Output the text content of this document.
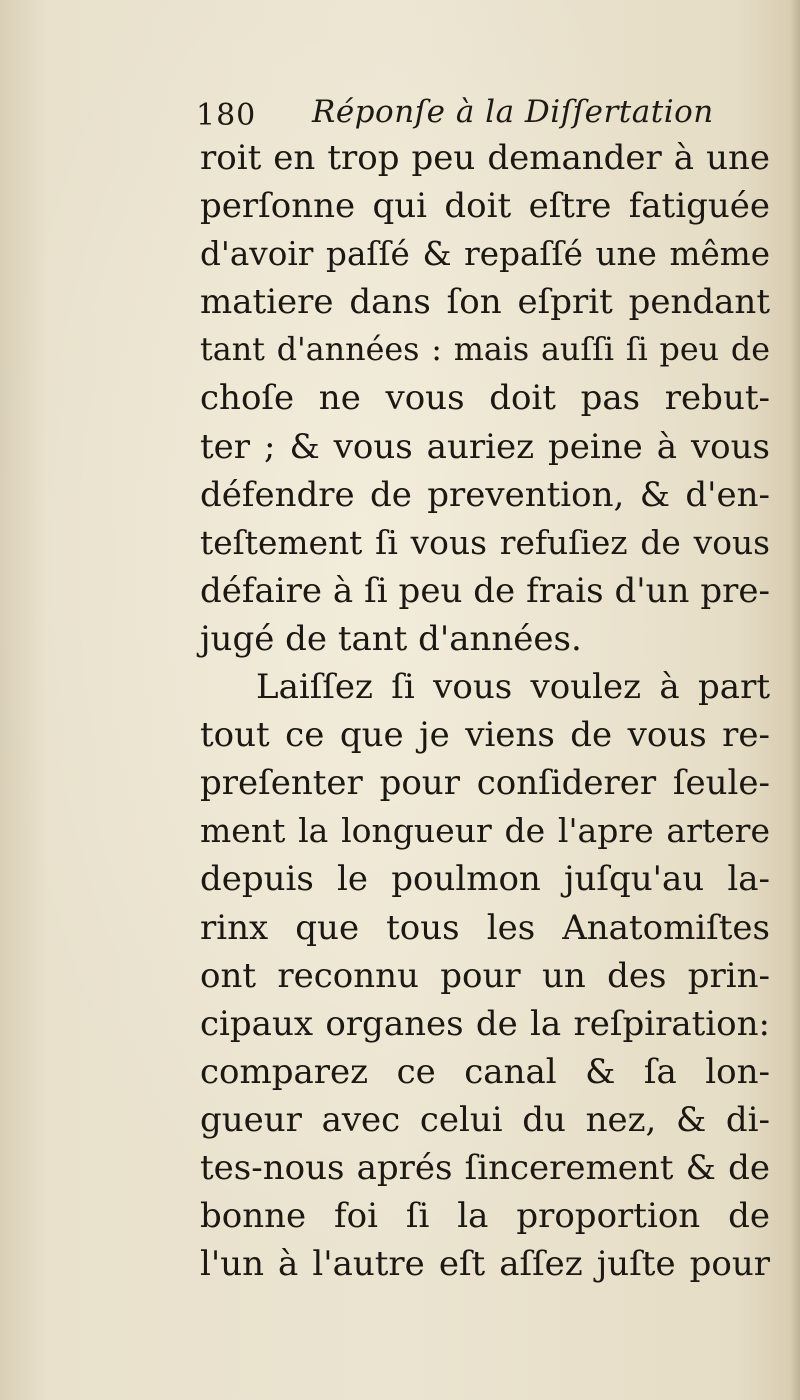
180 Réponſe à la Diſſertation
roit en trop peu demander à une
perſonne qui doit eſtre fatiguée
d'avoir paſſé & repaſſé une même
matiere dans ſon eſprit pendant
tant d'années : mais auſſi ſi peu de
choſe ne vous doit pas rebut-
ter ; & vous auriez peine à vous
défendre de prevention, & d'en-
teſtement ſi vous refuſiez de vous
défaire à ſi peu de frais d'un pre-
jugé de tant d'années.
Laiſſez ſi vous voulez à part
tout ce que je viens de vous re-
preſenter pour conſiderer ſeule-
ment la longueur de l'apre artere
depuis le poulmon juſqu'au la-
rinx que tous les Anatomiſtes
ont reconnu pour un des prin-
cipaux organes de la reſpiration:
comparez ce canal & ſa lon-
gueur avec celui du nez, & di-
tes-nous aprés ſincerement & de
bonne foi ſi la proportion de
l'un à l'autre eſt aſſez juſte pour
